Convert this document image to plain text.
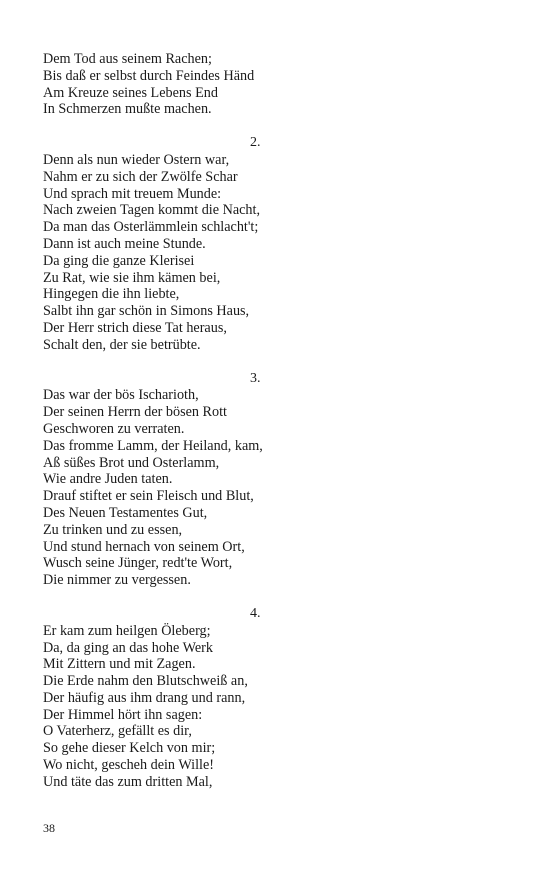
Dem Tod aus seinem Rachen;
Bis daß er selbst durch Feindes Händ
Am Kreuze seines Lebens End
In Schmerzen mußte machen.
2.
Denn als nun wieder Ostern war,
Nahm er zu sich der Zwölfe Schar
Und sprach mit treuem Munde:
Nach zweien Tagen kommt die Nacht,
Da man das Osterlämmlein schlacht't;
Dann ist auch meine Stunde.
Da ging die ganze Klerisei
Zu Rat, wie sie ihm kämen bei,
Hingegen die ihn liebte,
Salbt ihn gar schön in Simons Haus,
Der Herr strich diese Tat heraus,
Schalt den, der sie betrübte.
3.
Das war der bös Ischarioth,
Der seinen Herrn der bösen Rott
Geschworen zu verraten.
Das fromme Lamm, der Heiland, kam,
Aß süßes Brot und Osterlamm,
Wie andre Juden taten.
Drauf stiftet er sein Fleisch und Blut,
Des Neuen Testamentes Gut,
Zu trinken und zu essen,
Und stund hernach von seinem Ort,
Wusch seine Jünger, redt'te Wort,
Die nimmer zu vergessen.
4.
Er kam zum heilgen Öleberg;
Da, da ging an das hohe Werk
Mit Zittern und mit Zagen.
Die Erde nahm den Blutschweiß an,
Der häufig aus ihm drang und rann,
Der Himmel hört ihn sagen:
O Vaterherz, gefällt es dir,
So gehe dieser Kelch von mir;
Wo nicht, gescheh dein Wille!
Und täte das zum dritten Mal,
38
